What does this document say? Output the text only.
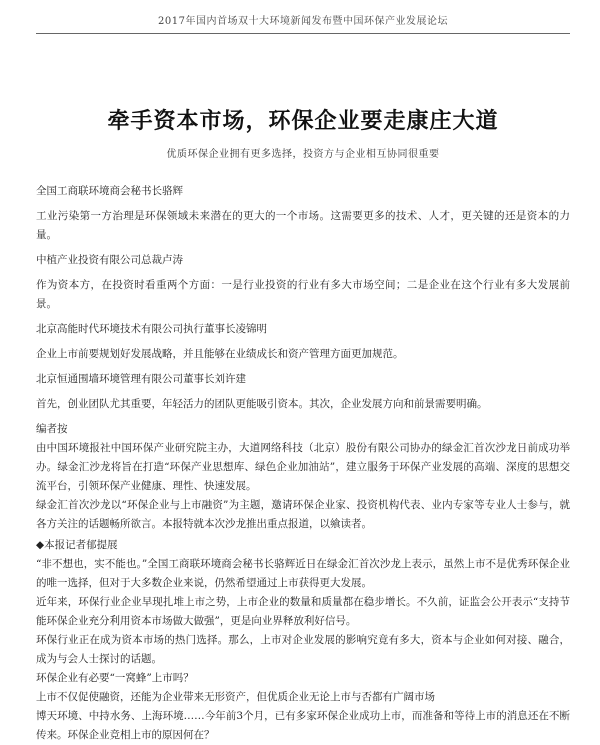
2017年国内首场双十大环境新闻发布暨中国环保产业发展论坛
牵手资本市场，环保企业要走康庄大道
优质环保企业拥有更多选择，投资方与企业相互协同很重要

全国工商联环境商会秘书长骆辉

工业污染第一方治理是环保领域未来潜在的更大的一个市场。这需要更多的技术、人才，更关键的还是资本的力量。

中植产业投资有限公司总裁卢涛

作为资本方，在投资时看重两个方面：一是行业投资的行业有多大市场空间；二是企业在这个行业有多大发展前景。

北京高能时代环境技术有限公司执行董事长凌锦明

企业上市前要规划好发展战略，并且能够在业绩成长和资产管理方面更加规范。

北京恒通围墙环境管理有限公司董事长刘许建

首先，创业团队尤其重要，年轻活力的团队更能吸引资本。其次，企业发展方向和前景需要明确。

编者按

由中国环境报社中国环保产业研究院主办，大道网络科技（北京）股份有限公司协办的绿金汇首次沙龙日前成功举办。绿金汇沙龙将旨在打造“环保产业思想库、绿色企业加油站”，建立服务于环保产业发展的高端、深度的思想交流平台，引领环保产业健康、理性、快速发展。

绿金汇首次沙龙以“环保企业与上市融资”为主题，邀请环保企业家、投资机构代表、业内专家等专业人士参与，就各方关注的话题畅所欲言。本报特就本次沙龙推出重点报道，以飨读者。

◆本报记者郁提展

“非不想也，实不能也。”全国工商联环境商会秘书长骆辉近日在绿金汇首次沙龙上表示，虽然上市不是优秀环保企业的唯一选择，但对于大多数企业来说，仍然希望通过上市获得更大发展。

近年来，环保行业企业早现扎堆上市之势，上市企业的数量和质量都在稳步增长。不久前，证监会公开表示“支持节能环保企业充分利用资本市场做大做强”，更是向业界释放利好信号。

环保行业正在成为资本市场的热门选择。那么，上市对企业发展的影响究竟有多大，资本与企业如何对接、融合，成为与会人士探讨的话题。

环保企业有必要“一窝蜂”上市吗？

上市不仅促使融资，还能为企业带来无形资产，但优质企业无论上市与否都有广阔市场

博天环境、中持水务、上海环境……今年前3个月，已有多家环保企业成功上市，而准备和等待上市的消息还在不断传来。环保企业竞相上市的原因何在？
